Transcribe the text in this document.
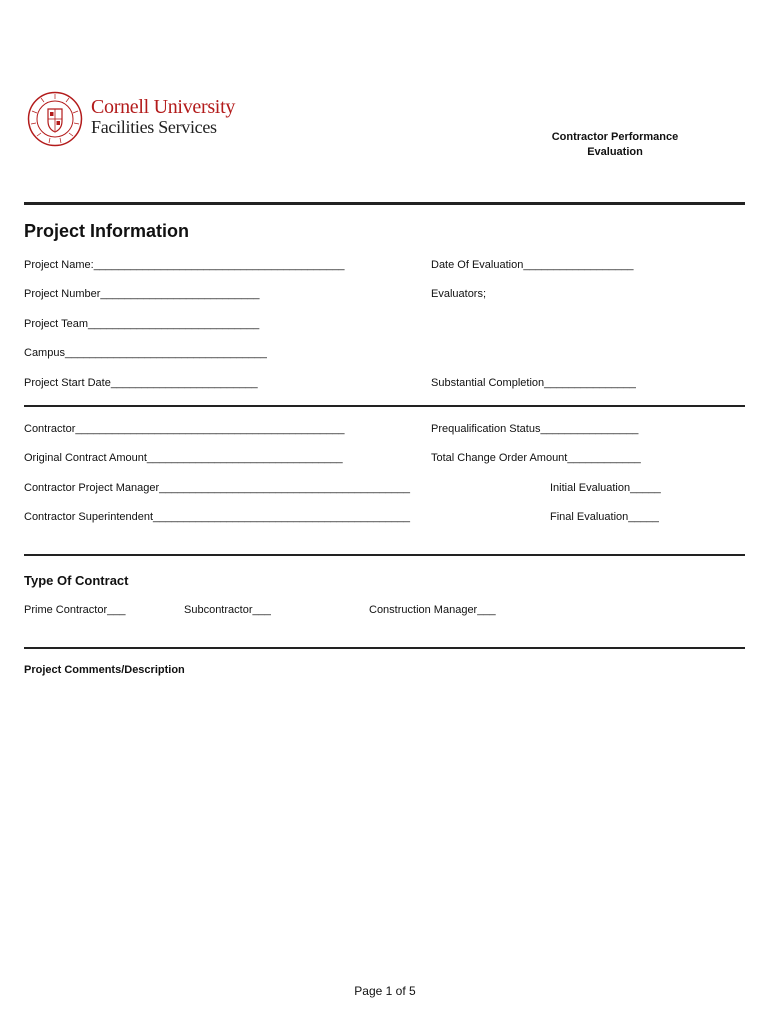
Cornell University
Facilities Services	Contractor Performance
Evaluation
Project Information
Project Name:_________________________________________	Date Of Evaluation__________________
Project Number__________________________	Evaluators;
Project Team____________________________
Campus_________________________________
Project Start Date________________________	Substantial Completion_______________
Contractor____________________________________________	Prequalification Status________________
Original Contract Amount________________________________	Total Change Order Amount____________
Contractor Project Manager_________________________________________	Initial Evaluation_____
Contractor Superintendent__________________________________________	Final Evaluation_____
Type Of Contract
Prime Contractor___	Subcontractor___	Construction Manager___
Project Comments/Description
Page 1 of 5
